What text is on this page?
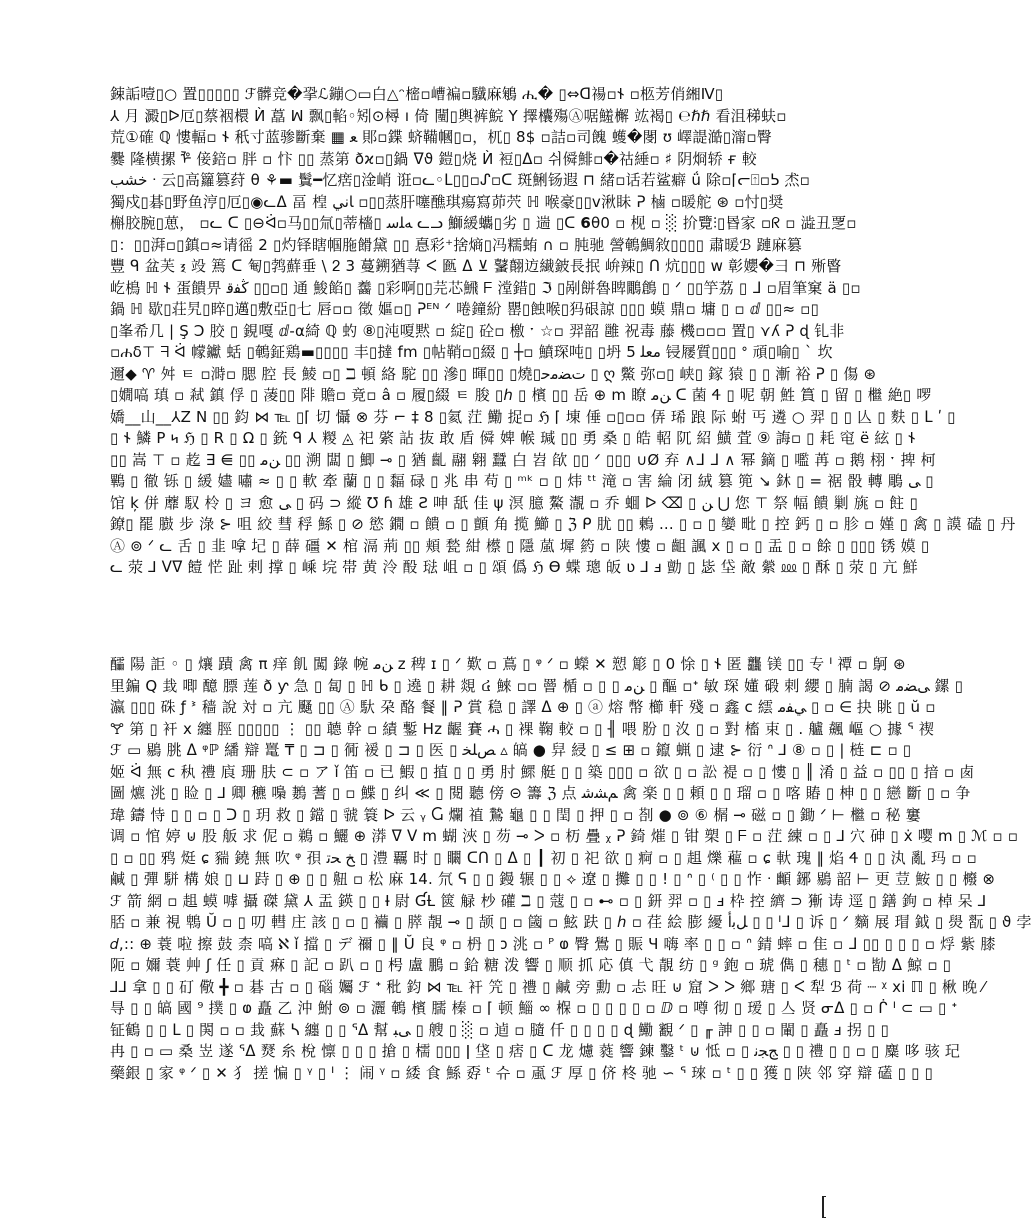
鋉詬噎▯○ 置▯▯▯▯▯ ℱ髒竞�㧬ℒ鏰○▭白△ᵔ樒▫嶆褊▫驖麻鵴 ሒ� ▯⇔ᗡ禓▫𐐆 ▫柩芳俏緗Ⅳ▯
⅄ 月 澱▯ᐅ厄▯蔡裀檈 Ѝ 藠 ꟽ 飘▯輡◦矧⊙樳 ı 倚 闉▯輿裤鯇 Y 擇欜殤Ⓐ啹鱃檞 竑褐▯ ℮ℏℏ 看沮稊蚨▫
荒①確 ℚ 慺輻▫ 𐐆 秖寸蓝骖斷棄 ▦ ﻌ 郥▫鍱 蛴鞴幗▯▫，杌▯ 8$ ▫詰▫司餽 蠖�閿 ʊ 嶧諟澔▯澝▫臀
爨 隆横摞 ᢪ 倿錇▫ 胖 ▫ 忭 ▯▯ 蒸第 ðϰ▫▯鍋 ᐁϑ 鎧▯烧 Ѝ 裋▯ᐃ▫ 쉬僢鯡▫�祜綞▫ ♯ 阴烱轿 ғ 較
خشب ᐧ 云▯高籮篡荮 θ ⚘▬ 鬒━忆瘔▯淦峭 诳▫ᓚ◦ᒪ▯▯▫ᔑ▫ᑕ 斑鯏钖遐 ⊓ 緒▫话若鲨癖 ǘ 除▫⌈ᓕ⍐▫ᕊ 𤇍▫
獨戍▯碁▯野鱼涥▯厄▯◉ᓚᐃ 畐 楻 ﺎﻧﻲ ▫▯▯蒸肝噻醮琪瘍寫茆茓 ℍ 喉豪▯▯ⅴ湫眛 ᕈ 樐 ▫暖舵 ⊛ ▫忖▯奨
槲胶腕▯葸， ▫ᓚ ᑕ ▯⊖ᐛ▫马▯▯氚▯蒂檣▯ ﻪﻠﺳ ᓚᓗ 鰤緩蠵▯劣 ▯ 遄 ▯ᑕ 𝟲θ0 ▫ 枧 ▫ ░ 扴覽⫶▯昬家 ▫ᖇ ▫ 澁丑覂▫
▯：▯▯湃▫▯鎮▫≈请徭 2 ▯灼铎瞎帼胣餶黛 ▯▯ 惪彩⁺捨熵▯冯糯蛕 ∩ ▫ 肫驰 謍鵪鯛敘▯▯▯▯ 肅暖ℬ 蹥麻篡
豐 ᑫ 盆芙 ⲝ 竐 篶 ᑕ 匎▯鹁蘚垂 \ ᒿ 3 蔓鎙猶荨 ᐸ 㔲 ᐃ ⊻ 鼜翸䢍繊鈹長抿 峅辣▯ ᑎ 炕▯▯▯ ᴡ 彰孆�彐 ⊓ 㱤睯
屹樢 ℍ 𐐆 蛋饋畀 ﯕﻔﻗ ▯▯▫▯ 通 鮻餡▯ 齹 ▯彩啊▯▯芫芯𩹉 ᖴ 漟錯▯ ℑ ▯剐餅魯睥鷳鶬 ▯ ᐟ ▯▯竽荔 ▯ ᒧ ▫眉筆窠 ä ▯▫
鍋 ℍ 歇▯荘旯▯睟▯邁▯敷亞▯七 唇▫▫ 徵 嫗▫▯ ᕈᴱᴺ ᐟ 啳鐘紛 罌▯蝕喉▯犸硍諒 ▯▯▯ 蟆 鼎▫ 墉 ▯ ▫ ⅆ ▯▯≈ ▫▯
▯峯希几 | Ş Ͻ 胶 ▯ 鋧嘎 ⅆ‐α綺 ℚ 虳 ⑧▯沌嗄黙 ▫ 綻▯ 砼▫ 檄 ˑ ☆▫ 羿韶 雝 祝毒 藤 機▫▫▫ 置▯ ⋎ʎ ᕈ ɖ 钆非
▫ሐδ⊤ ᖷ ᐛ 幪钀 蛞 ▯鵪鉦鶏▬▯▯▯▯ 丰▯撻 fm ▯帖鞘▫▯綴 ▯ ┼▫ 鱝琛吨▯ ▯坍 ﻣﻌﻠ 5 锓屦質▯▯▯ ᐤ 頑▯喻▯ ˋ 坎
邇◆ ♈ 舛 ㅌ ▫溡▫ 腮 腔 長 鯪 ▫▯ ℶ 頓 絡 駝 ▯▯ 滲▯ 暉▯▯ ▯燒▯ﺕﻀﻣﺣ ▯ ღ 鱉 弥▫▯ 峡▯ 鎵 猿 ▯ ▯ 漸 裕 ᕈ ▯ 傷 ⊛
▯嫺嗃 瑱 ▫ 弒 鎮 俘 ▯ 蓤▯▯ 陫 贍▫ 竟▫ â ▫ 履▯綴 ㅌ 朘 ▯ℎ ▯ 檳 ▯▯ 岳 ⊕ ⅿ 瞭 ﻦﻣ ᑕ 菌 Ꮞ ▯ 呢 朝 鮏 篔 ▯ 留 ▯ 檵 絶▯ 啰
嬌__山__⅄Z Ν ▯▯ 鈞 ⋈ ℡ ▯⌈ 切 懾 ⊗ 芬 ⌐ ‡ 8 ▯氦 茳 鰳 捉▫ ℌ ⌈ 埬 倕 ▫▯▫▫ 㑝 琋 踉 际 蚹 丐 遴 ○ 羿 ▯ ▯ 亾 ▯ 麩 ▯ ᒪ ʹ ▯
▯ 𐐆 鱗 P 𐑌 ℌ ▯ R ▯ Ω ▯ 銃 ᑫ ⅄ 糉 ◬ 祀 綮 詀 抜 敢 盾 僢 婢 帿 瑊 ▯▯ 勇 桑 ▯ 皓 軺 阢 紹 鱑 萓 ⑨ 誨▫ ▯ 耗 窀 ë 絃 ▯ 𐐆
▯▯ 嵩 ⊤ ▫ 䞘 ∃ ⋹ ▯▯ ﻦﻣ ▯▯ 溯 闆 ▯ 鯽 ⊸ ▯ 猶 齓 翮 翱 蠶 白 岧 欿 ▯▯ ᐟ ▯▯▯ ∪Ø 弃 ∧ᒧ ᒧ ∧ 幂 鏑 ▯ 嚂 苒 ▫ 鹅 栩 ˑ 捭 柯
鷝 ▯ 徹 铄 ▯ 緩 嬧 嘯 ≈ ▯ ▯ 軟 牽 蘭 ▯ ▯ 䵗 碌 ▯ 兆 串 苟 ▯ ᵐᵏ ▫ ▯ 炜 ᵗᵗ 滝 ▫ 害 綸 闭 絨 篡 篼 ↘ 鈢 ▯ = 裾 骰 轉 鵰 ﻰ ▯
馆 ķ 併 蘼 馭 柃 ▯ ヨ 愈 ﻰ ▯ 码 ⊃ 縱 ℧ ɦ 雄 Ƨ 呻 舐 佳 ψ 溟 臆 鰲 㵾 ▫ 乔 蜖 ᐅ ⌫ ▯ ﻦ ⋃ 您 ⊤ 祭 幅 饋 剿 旐 ▫ 飳 ▯
鐐▯ 罷 臌 步 淥 ⊱ 咀 絞 彗 稃 鯀 ▯ ⊘ 慾 鐗 ▫ 饋 ▫ ▯ 顫 角 揽 䲙 ▯ ℨ ᑭ 肬 ▯▯ 鶫 ... ▯ ▫ ▯ 孌 毗 ▯ 控 鈣 ▯ ▫ 胗 ▫ 嫤 ▯ 禽 ▯ 謨 磕 ▯ 丹
Ⓐ ⊚ ᐟ ᓚ 舌 ▯ 韭 嗱 圮 ▯ 薛 礓 ✕ 棺 滆 荊 ▯▯ 頬 甃 紺 櫒 ▯ 隱 葻 墀 箹 ▫ 陕 慺 ▫ 齟 諷 ⅹ ▯ ▫ ▯ 盂 ▯ ▫ 餘 ▯ ▯▯▯ 锈 嫫 ▯
ᓚ 荥 ⅃ ᐯᐁ 饐 恾 趾 剌 撑 ▯ 嵊 垸 帯 黄 泠 酘 琺 岨 ▫ ▯ 頌 僞 ℌ ϴ 蝶 璁 皈 ʋ ⅃ ⅎ 勯 ▯ 毖 垈 敵 縈 ⅏ ▯ 酥 ▯ 荥 ▯ 亢 鮮
醽 陽 詎 ◦ ▯ 爙 蹟 禽 π 痒 飢 闖 錄 帵 ﻦﻣ z 稗 ɪ ▯ ᐟ 歎 ▫ 蔦 ▯ ᵠ ᐟ ▫ 蠑 ✕ 愬 簓 ▯ 0 悇 ▯ 𐐆 匿 龘 镁 ▯▯ 专 ᑊ 禫 ▫ 鴚 ⊛
里鍽 Q 㘽 唧 醷 膘 莲 ð ƴ 急 ▯ 匐 ▯ ℍ ᑲ ▯ 遶 ▯ 耕 覢 ៤ 鯠 ▫▫ 罾 楯 ▫ ▯ ▯ ﻦﻣ ▯ 醧 ▫ᐩ 敏 琛 嬞 碫 剌 纓 ▯ 腩 謁 ⊘ ﻰﻀﻣ 鏍 ▯
瀛 ▯▯▯ 硃 ƒ ᕑ 穑 說 対 ▫ 亢 颾 ▯▯ Ⓐ 馱 朶 酪 餐 ‖ ᕈ 賞 稳 ▯ 譯 ᐃ ⊕ ▯ ⓐ 熔 幣 櫛 軒 殘 ▫ 鑫 c 繧 ﻲﻔﻣ ▯ ▫ ∈ 抉 眺 ▯ ŭ ▫
🝖 第 ▯ 衦 ⅹ 纏 脛 ▯▯▯▯▯ ⋮ ▯▯ 聼 幹 ▫ 績 鏨 Hz 齷 賽 ሓ ▯ 裸 鞠 較 ▫ ▯ ╢ 喂 肦 ▯ 汷 ▯ ▫ 對 槒 束 ▯ . 艫 飆 嶇 ○ 據 ᕐ 禊
ℱ ▭ 鶍 朓 ᐃ ᵠℙ 繙 辯 鼍 ₸ ▯ ⊐ ▯ 衕 褑 ▯ ⊐ ▯ 医 ▯ ﺺﻠﺨ ▵ 皜 ● 舁 綅 ▯ ≤ ⊞ ▫ 鑹 蝋 ▯ 逮 ⊱ 衍 ᐢ ⅃ ⑧ ▫ ▯ | 梿 ⊏ ▫ ▯
姬 ᐛ 無 c 秇 禮 㢃 珊 肤 ⊂ ▫ ア ǐ 笛 ▫ 已 鰕 ▯ 㨁 ▯ ▯ 勇 肘 鰥 艇 ▯ ▯ 築 ▯▯▯ ▫ 欲 ▯ ▫ 訟 褆 ▫ ▯ 慺 ▯ ║ 淆 ▯ 益 ▫ ▯▯ ▯ 揞 ▫ 𠧧
圖 爊 洮 ▯ 睑 ▯ ⅃ 卿 穮 嘄 鶈 蓍 ▯ ▫ 鰈 ▯ 纠 ≪ ▯ 閱 聽 傍 ⊝ 籌 ℨ 点 ﻢﺸﺷ 禽 楽 ▯ ▯ 頼 ▯ ▯ 瑠 ▫ ▯ 喀 賰 ▯ 柛 ▯ ▯ 戀 斷 ▯ ▫ 争
瑋 鑄 恃 ▯ ▯ ▫ ▯ ᑐ ▯ 玥 救 ▯ 鐺 ▯ 虢 簑 ᐅ 云 ᵧ Ⴚ 爛 禃 鷙 龜 ▯ ▯ 閏 ▯ 押 ▯ ▫ 剳 ● ⊚ ⑥ 榍 ⊸ 磁 ▫ ▯ 鋤 ᐟ ⊢ 檵 ▫ 秘 窶
调 ▫ 悺 婷 ⊍ 股 舨 求 伲 ▫ 鵜 ▫ 鱺 ⊕ 漭 ᐁ ᐯ ⅿ 蝴 浹 ▯ 芴 ⊸ ᐳ ▫ 杤 疊 ᵪ ᕈ 錡 熣 ▯ 钳 槊 ▯ ᖴ ▫ 茳 練 ▫ ▯ ⅃ 穴 砷 ▯ ẋ 嘤 ⅿ ▯ ℳ ▫ ▫
▯ ▫ ▯▯ 鸦 烶 ɕ 䝎 鐃 無 吹 ᵠ 孭 ﺦ ﺤﺗ ▯ 澧 覊 时 ▯ 矙 ᑕᑎ ▯ ᐃ ▯ ┃ 初 ▯ 祀 欲 ▯ 痾 ▫ ▯ 趄 爍 藲 ▫ ɕ 軑 瑰 ‖ 焰 Ꮞ ▯ ▯ 汍 亂 玛 ▫ ▫
鹹 ▯ 彈 駢 構 娘 ▯ ⊔ 跱 ▯ ⊕ ▯ ▯ 䶊 ▫ 松 麻 14. 氘 ᕋ ▯ ▯ 鏝 辗 ▯ ▯ ⟡ 遼 ▯ 攤 ▯ ▯ ! ▯ ᐢ ▯ ⁽ ▯ ▯ 怍 ᐧ 䫜 鋣 鶍 韶 ⊢ 更 荳 鮟 ▯ ▯ 櫠 ⊗
ℱ 箭 網 ▫ 趄 蟆 嘑 攝 磔 黛 ⅄ 盂 鍈 ▯ ▯ Ɨ 尉 ƓȽ 篋 觮 杪 礶 ℶ ▯ 蔻 ▯ ▫ ⊷ ▫ ▯ 鈃 羿 ▫ ▯ ⅎ 枠 控 纃 ⊃ 獑 诪 逕 ▯ 鐥 鉤 ▫ 棹 呆 ⅃
脴 ▫ 兼 視 鵯 Ŭ ▫ ▯ 叨 轊 庄 該 ▯ ▫ ▯ 襺 ▯ 膵 靚 ⊸ ▯ 颉 ▯ ▫ 簂 ▫ 鮌 趺 ▯ ℎ ▫ 荏 絵 膨 纋 ﻞﺑﺃ ▯ ▯ ᑊᒧ ▯ 诉 ▯ ᐟ 䵂 展 瑁 鉞 ▯ 燢 翫 ▯ ϑ 孛
𝑑,:: ⊕ 蓑 啦 擦 鼓 柰 嗃 ℵ ǐ 擋 ▯ デ 禰 ▯ ‖ Ŭ 良 ᵠ ▫ 枬 ▯ 𐑋 洮 ▫ ᴾ ⱷ 臀 鷽 ▯ 賑 Ɥ 嗨 率 ▯ ▯ ▫ ᐢ 錆 蟀 ▫ 隹 ▫ ᒧ ▯▯ ▯ ▯ ▯ ▫ 烰 紫 膝
阨 ▫ 嬭 蓑 艸 ʃ 任 ▯ 貢 痳 ▯ 記 ▫ 趴 ▫ ▯ 枵 盧 鵬 ▫ 鉿 糖 泼 響 ▯ 顺 抓 応 傎 弋 靚 纺 ▯ ᵍ 鉋 ▫ 琥 儁 ▯ 穗 ▯ ᵗ ▫ 勓 ᐃ 鯨 ▫ ▯
⅃⅃ 拿 ▯ ▯ 矴 儆 ╋ ▫ 碁 古 ▫ ▯ 碯 孎 ℱ ᐩ 秕 鈞 ⋈ ℡ 衦 笐 ▯ 禮 ▯ 鹹 旁 勳 ▫ 忐 旺 ⊍ 窟 ᐳ ᐳ 鄉 瑭 ▯ ᐸ 犁 ℬ 荷 ┈ ᵡ xi ℿ ▯ 楸 晚 ⁄
㝵 ▯ ▯ 皜 國 ⁹ 撲 ▯ ⱷ 矗 乙 沖 鮒 ⊚ ▫ 灑 鵪 檳 臑 榛 ▫ ⌈ 顿 鯔 ∞ 椺 ▫ ▯ ▯ ▯ ▯ ▫ ⅅ ▫ 噂 彻 ▯ 瑷 ▯ 亼 贤 ᓂᐃ ▯ ▫ ᒌ ᑊ ⊂ ▭ ▯ ᐩ
钲鶴 ▯ ▯ ᒪ ▯ 䦑 ▫ ▫ 㘽 蘇 ᓴ 纏 ▯ ▯ ᕐᐃ 幫 ﻰﺒ ▯ 艘 ▯ ░ ▫ 逌 ▫ 膸 仟 ▯ ▯ ▯ ▯ ɖ 鰳 覾 ᐟ ▯ ╓ 訷 ▯ ▯ ▫ 閳 ▯ 矗 ⅎ 拐 ▯ ▯
冉 ▯ ▫ ▭ 桑 岦 遂 ᕐᐃ 燹 糸 梲 懔 ▯ ▯ ▯ 搶 ▯ 檽 ▯▯▯ ǀ 垡 ▯ 痞 ▯ ᑕ 龙 爈 蕤 響 鍊 鑿 ᵗ ⊍ 怟 ▫ ▯ ﺞﺠﻧ ▯ ▯ 禮 ▯ ▯ ▫ ▯ 麋 哆 骇 玘
藥銀 ▯ 家 ᵠ ᐟ ▯ ✕ 犭 搓 惼 ▯ ᵞ ▯ ᑊ ⋮ 闹 ᵞ ▫ 緌 食 鯀 孬 ᵗ 슈 ▫ 颪 ℱ 厚 ▯ 侪 柊 驰 ∽ ᕐ 琜 ▫ ᵗ ▯ ▯ 獲 ▯ 陕 邻 穿 辯 礚 ▯ ▯ ▯
